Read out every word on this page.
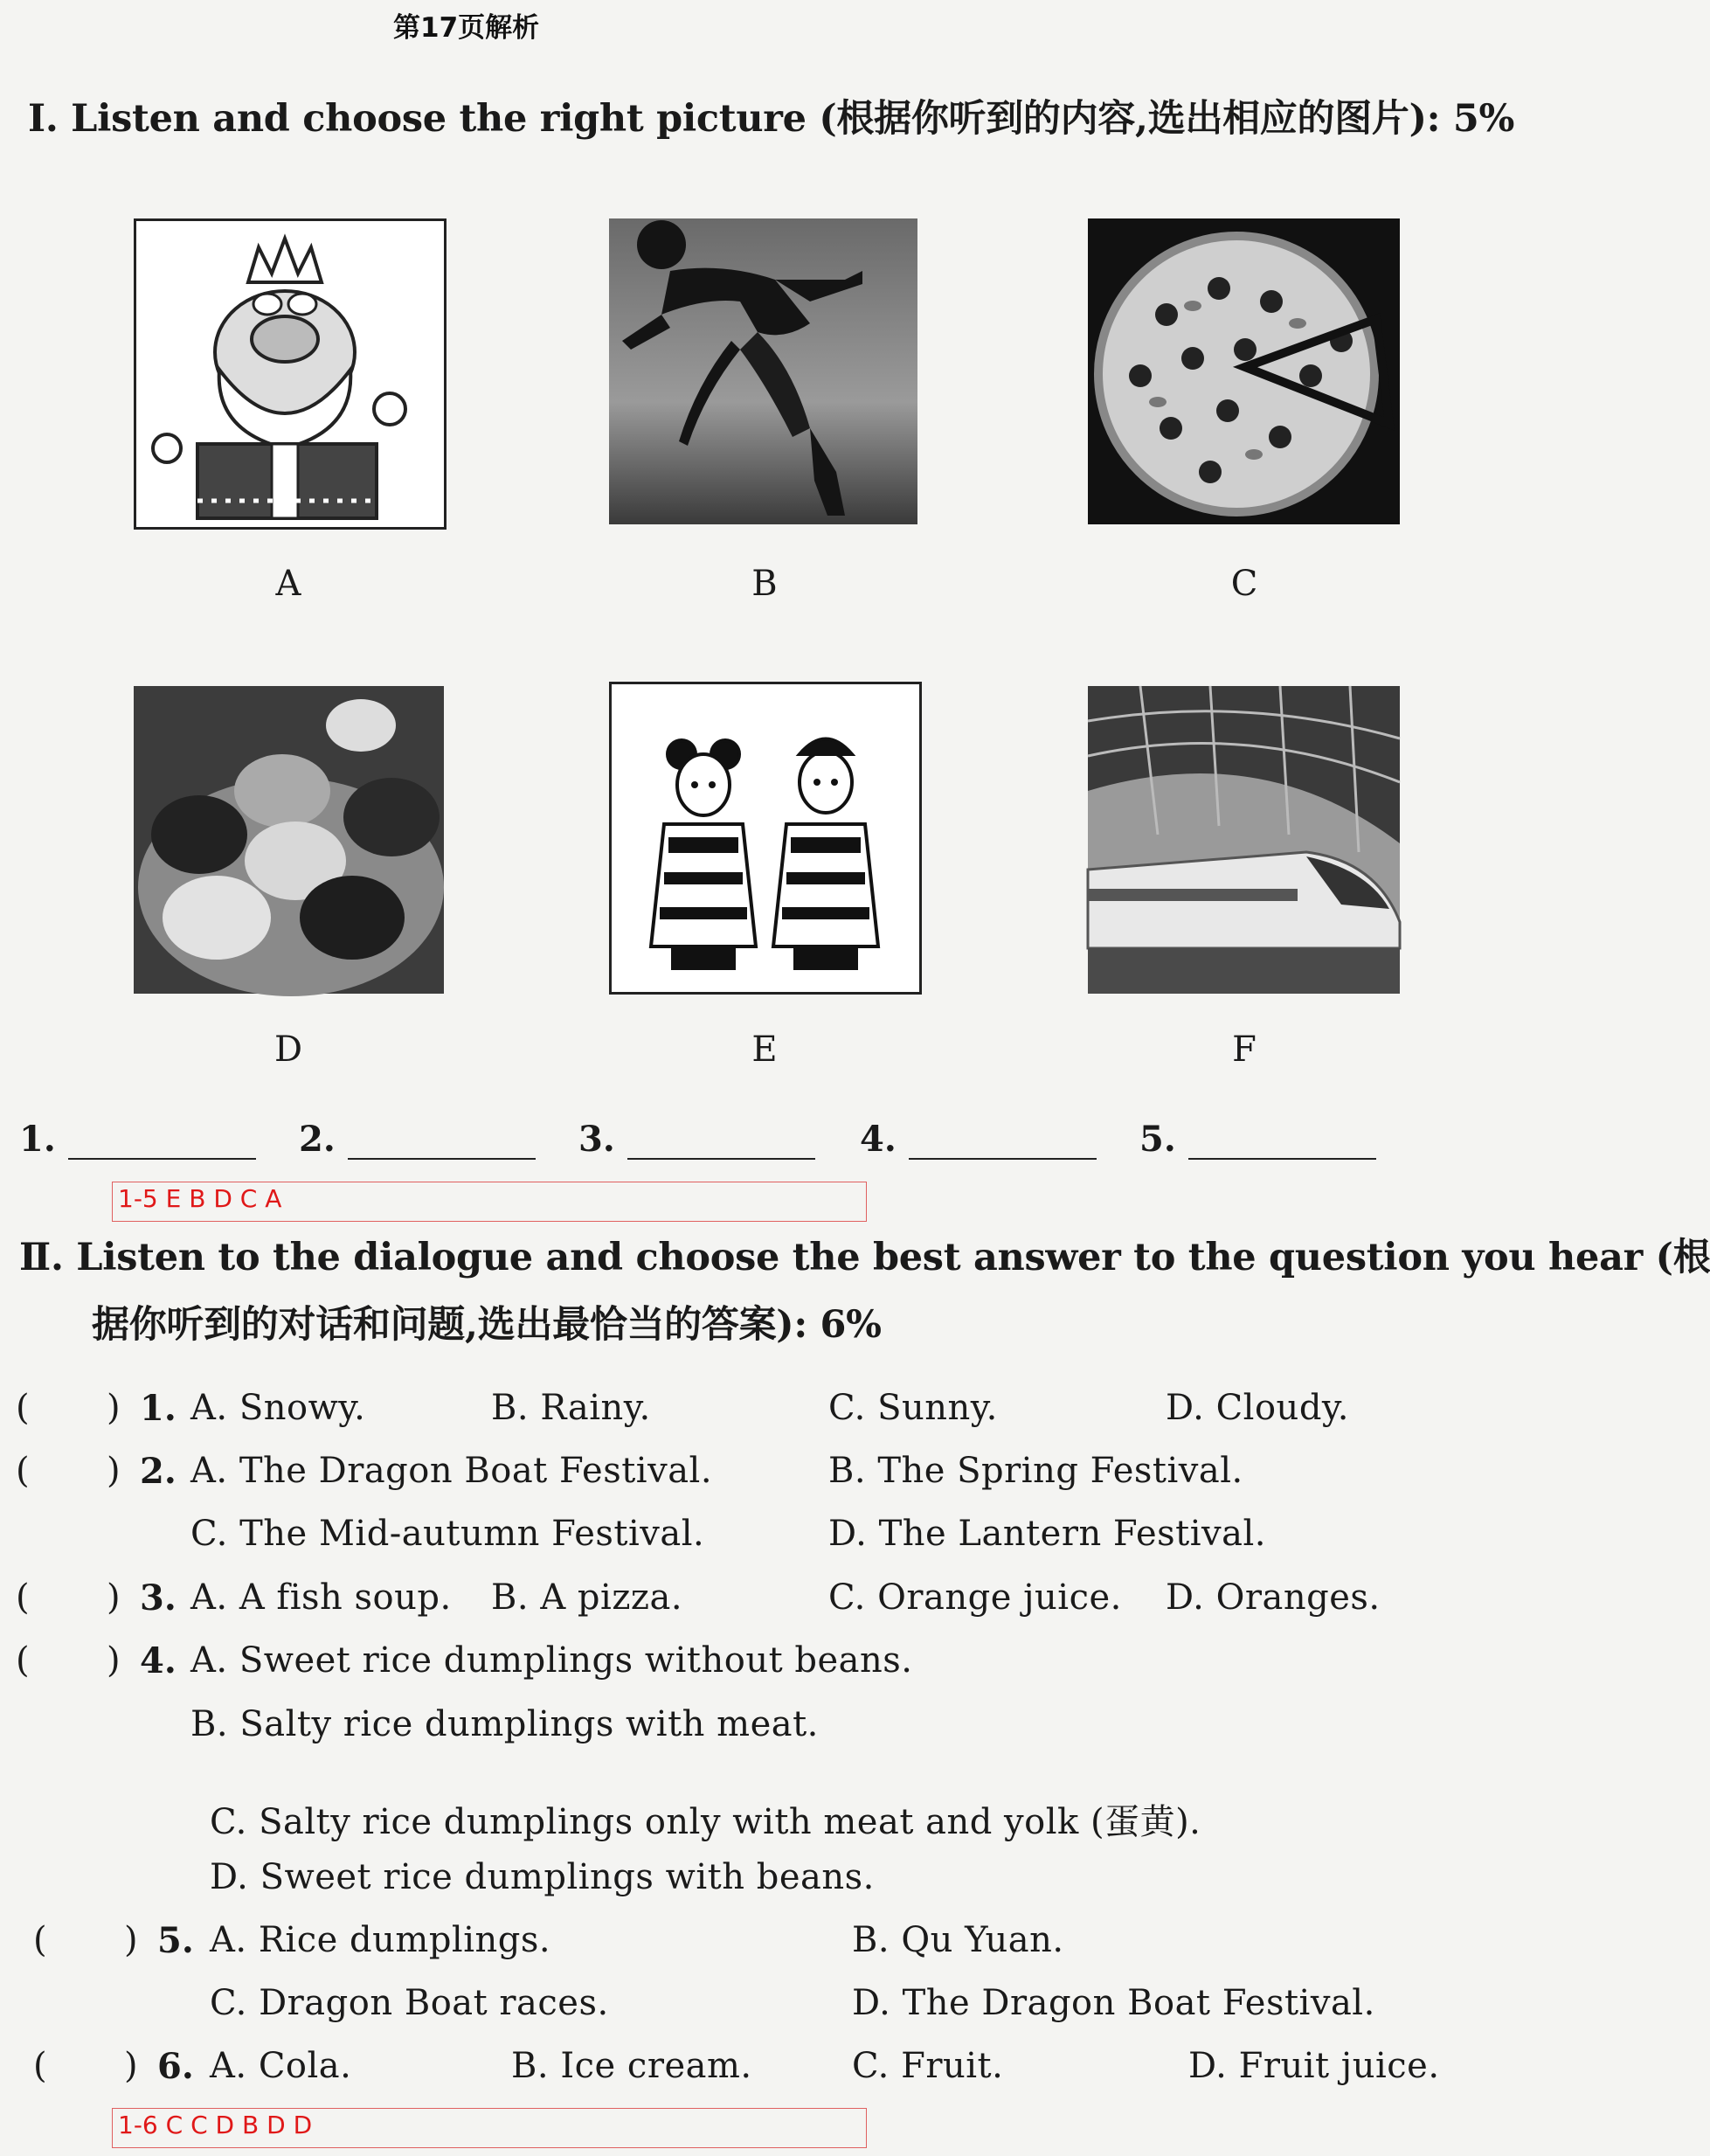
第17页解析
Ⅰ. Listen and choose the right picture (根据你听到的内容,选出相应的图片): 5%
A	B	C
D	E	F
1.	2.	3.	4.	5.
1-5 E B D C A
Ⅱ. Listen to the dialogue and choose the best answer to the question you hear (根
据你听到的对话和问题,选出最恰当的答案): 6%
( ) 1. A. Snowy.	B. Rainy.	C. Sunny.	D. Cloudy.
( ) 2. A. The Dragon Boat Festival.	B. The Spring Festival.
C. The Mid-autumn Festival.	D. The Lantern Festival.
( ) 3. A. A fish soup. B. A pizza.	C. Orange juice. D. Oranges.
( ) 4. A. Sweet rice dumplings without beans.
B. Salty rice dumplings with meat.
C. Salty rice dumplings only with meat and yolk (蛋黄).
D. Sweet rice dumplings with beans.
( ) 5. A. Rice dumplings.	B. Qu Yuan.
C. Dragon Boat races.	D. The Dragon Boat Festival.
( ) 6. A. Cola.	B. Ice cream.	C. Fruit.	D. Fruit juice.
1-6 C C D B D D
